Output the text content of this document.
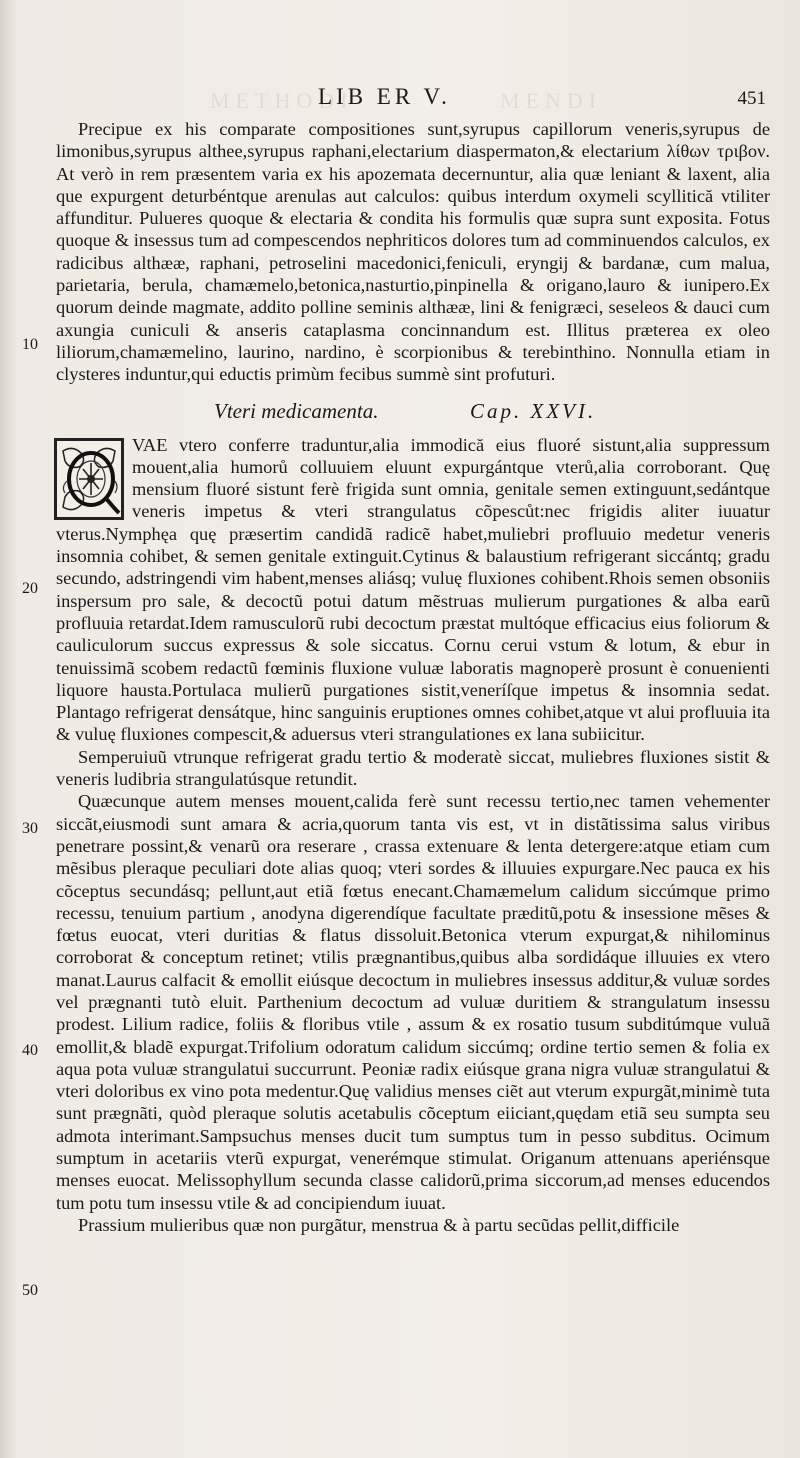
METHODI	MENDI
LIB ER V.	451
10
20
30
40
50

Precipue ex his comparate compositiones sunt,syrupus capillorum veneris,syrupus de limonibus,syrupus althee,syrupus raphani,electarium diaspermaton,& electarium λίθων τριβον. At verò in rem præsentem varia ex his apozemata decernuntur, alia quæ leniant & laxent, alia que expurgent deturbéntque arenulas aut calculos: quibus interdum oxymeli scyllitică vtiliter affunditur. Pulueres quoque & electaria & condita his formulis quæ supra sunt exposita. Fotus quoque & insessus tum ad compescendos nephriticos dolores tum ad comminuendos calculos, ex radicibus althææ, raphani, petroselini macedonici,feniculi, eryngij & bardanæ, cum malua, parietaria, berula, chamæmelo,betonica,nasturtio,pinpinella & origano,lauro & iunipero.Ex quorum deinde magmate, addito polline seminis althææ, lini & fenigræci, seseleos & dauci cum axungia cuniculi & anseris cataplasma concinnandum est. Illitus præterea ex oleo liliorum,chamæmelino, laurino, nardino, è scorpionibus & terebinthino. Nonnulla etiam in clysteres induntur,qui eductis primùm fecibus summè sint profuturi.

Vteri medicamenta.	Cap. XXVI.

VAE vtero conferre traduntur,alia immodică eius fluoré sistunt,alia suppressum mouent,alia humorů colluuiem eluunt expurgántque vterů,alia corroborant. Quę mensium fluoré sistunt ferè frigida sunt omnia, genitale semen extinguunt,sedántque veneris impetus & vteri strangulatus cõpescůt:nec frigidis aliter iuuatur vterus.Nymphęa quę præsertim candidã radicẽ habet,muliebri profluuio medetur veneris insomnia cohibet, & semen genitale extinguit.Cytinus & balaustium refrigerant siccántq; gradu secundo, adstringendi vim habent,menses aliásq; vuluę fluxiones cohibent.Rhois semen obsoniis inspersum pro sale, & decoctũ potui datum mẽstruas mulierum purgationes & alba earũ profluuia retardat.Idem ramusculorũ rubi decoctum præstat multóque efficacius eius foliorum & cauliculorum succus expressus & sole siccatus. Cornu cerui vstum & lotum, & ebur in tenuissimã scobem redactũ fœminis fluxione vuluæ laboratis magnoperè prosunt è conuenienti liquore hausta.Portulaca mulierũ purgationes sistit,veneríſque impetus & insomnia sedat. Plantago refrigerat densátque, hinc sanguinis eruptiones omnes cohibet,atque vt alui profluuia ita & vuluę fluxiones compescit,& aduersus vteri strangulationes ex lana subiicitur.

Semperuiuũ vtrunque refrigerat gradu tertio & moderatè siccat, muliebres fluxiones sistit & veneris ludibria strangulatúsque retundit.

Quæcunque autem menses mouent,calida ferè sunt recessu tertio,nec tamen vehementer siccãt,eiusmodi sunt amara & acria,quorum tanta vis est, vt in distãtissima salus viribus penetrare possint,& venarũ ora reserare , crassa extenuare & lenta detergere:atque etiam cum mẽsibus pleraque peculiari dote alias quoq; vteri sordes & illuuies expurgare.Nec pauca ex his cõceptus secundásq; pellunt,aut etiã fœtus enecant.Chamæmelum calidum siccúmque primo recessu, tenuium partium , anodyna digerendíque facultate præditũ,potu & insessione mẽses & fœtus euocat, vteri duritias & flatus dissoluit.Betonica vterum expurgat,& nihilominus corroborat & conceptum retinet; vtilis prægnantibus,quibus alba sordidáque illuuies ex vtero manat.Laurus calfacit & emollit eiúsque decoctum in muliebres insessus additur,& vuluæ sordes vel prægnanti tutò eluit. Parthenium decoctum ad vuluæ duritiem & strangulatum insessu prodest. Lilium radice, foliis & floribus vtile , assum & ex rosatio tusum subditúmque vuluã emollit,& bladẽ expurgat.Trifolium odoratum calidum siccúmq; ordine tertio semen & folia ex aqua pota vuluæ strangulatui succurrunt. Peoniæ radix eiúsque grana nigra vuluæ strangulatui & vteri doloribus ex vino pota medentur.Quę validius menses ciẽt aut vterum expurgãt,minimè tuta sunt prægnãti, quòd pleraque solutis acetabulis cõceptum eiiciant,quędam etiã seu sumpta seu admota interimant.Sampsuchus menses ducit tum sumptus tum in pesso subditus. Ocimum sumptum in acetariis vterũ expurgat, venerémque stimulat. Origanum attenuans aperiénsque menses euocat. Melissophyllum secunda classe calidorũ,prima siccorum,ad menses educendos tum potu tum insessu vtile & ad concipiendum iuuat.

Prassium mulieribus quæ non purgãtur, menstrua & à partu secũdas pellit,difficile
